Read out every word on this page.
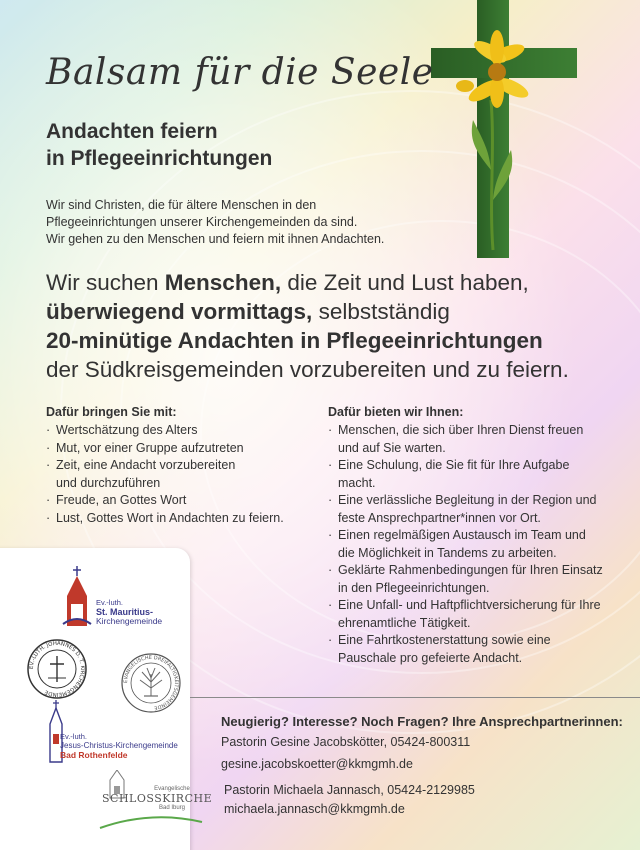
Balsam für die Seele
Andachten feiern
in Pflegeeinrichtungen
Wir sind Christen, die für ältere Menschen in den
Pflegeeinrichtungen unserer Kirchengemeinden da sind.
Wir gehen zu den Menschen und feiern mit ihnen Andachten.
Wir suchen Menschen, die Zeit und Lust haben,
überwiegend vormittags, selbstständig
20-minütige Andachten in Pflegeeinrichtungen
der Südkreisgemeinden vorzubereiten und zu feiern.
Dafür bringen Sie mit:
· Wertschätzung des Alters
· Mut, vor einer Gruppe aufzutreten
· Zeit, eine Andacht vorzubereiten
und durchzuführen
· Freude, an Gottes Wort
· Lust, Gottes Wort in Andachten zu feiern.
Dafür bieten wir Ihnen:
· Menschen, die sich über Ihren Dienst freuen
und auf Sie warten.
· Eine Schulung, die Sie fit für Ihre Aufgabe macht.
· Eine verlässliche Begleitung in der Region und
feste Ansprechpartner*innen vor Ort.
· Einen regelmäßigen Austausch im Team und
die Möglichkeit in Tandems zu arbeiten.
· Geklärte Rahmenbedingungen für Ihren Einsatz
in den Pflegeeinrichtungen.
· Eine Unfall- und Haftpflichtversicherung für Ihre
ehrenamtliche Tätigkeit.
· Eine Fahrtkostenerstattung sowie eine
Pauschale pro gefeierte Andacht.
Ev.-luth.
St. Mauritius-
Kirchengemeinde
EV.-LUTH. JOHANNES D. T. KIRCHENGEMEINDE
EVANGELISCHE DREIFALTIGKEITSGEMEINDE
Ev.-luth.
Jesus-Christus-Kirchengemeinde
Bad Rothenfelde
Evangelische
SCHLOSSKIRCHE
Bad Iburg
Neugierig? Interesse? Noch Fragen? Ihre Ansprechpartnerinnen:
Pastorin Gesine Jacobskötter, 05424-800311
gesine.jacobskoetter@kkmgmh.de
Pastorin Michaela Jannasch, 05424-2129985
michaela.jannasch@kkmgmh.de
